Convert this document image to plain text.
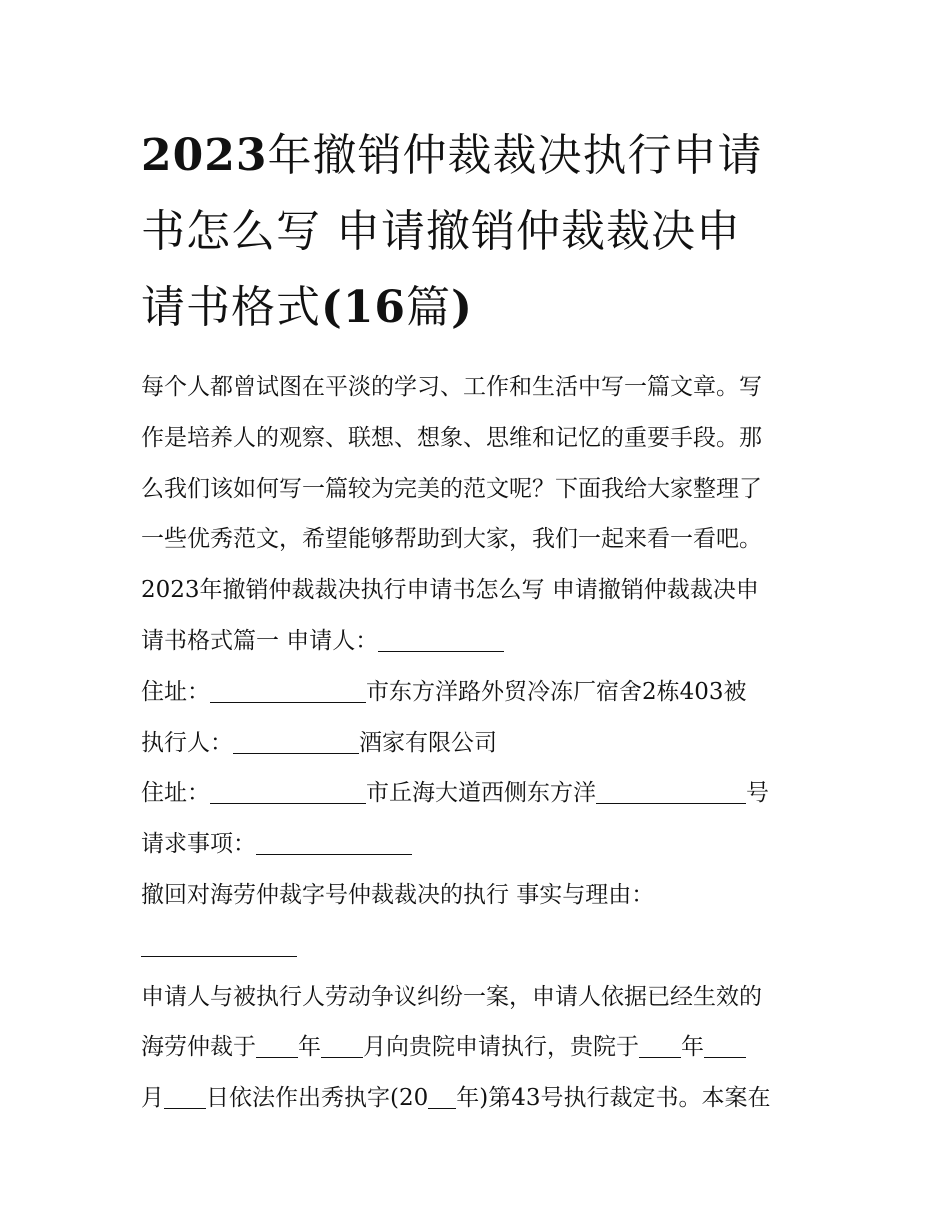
2023年撤销仲裁裁决执行申请
书怎么写 申请撤销仲裁裁决申
请书格式(16篇)
每个人都曾试图在平淡的学习、工作和生活中写一篇文章。写
作是培养人的观察、联想、想象、思维和记忆的重要手段。那
么我们该如何写一篇较为完美的范文呢？下面我给大家整理了
一些优秀范文，希望能够帮助到大家，我们一起来看一看吧。
2023年撤销仲裁裁决执行申请书怎么写 申请撤销仲裁裁决申
请书格式篇一 申请人：
住址：	市东方洋路外贸冷冻厂宿舍2栋403被
执行人：	酒家有限公司
住址：	市丘海大道西侧东方洋	号
请求事项：
撤回对海劳仲裁字号仲裁裁决的执行 事实与理由：
申请人与被执行人劳动争议纠纷一案，申请人依据已经生效的
海劳仲裁于 年 月向贵院申请执行，贵院于 年
月 日依法作出秀执字(20 年)第43号执行裁定书。本案在
